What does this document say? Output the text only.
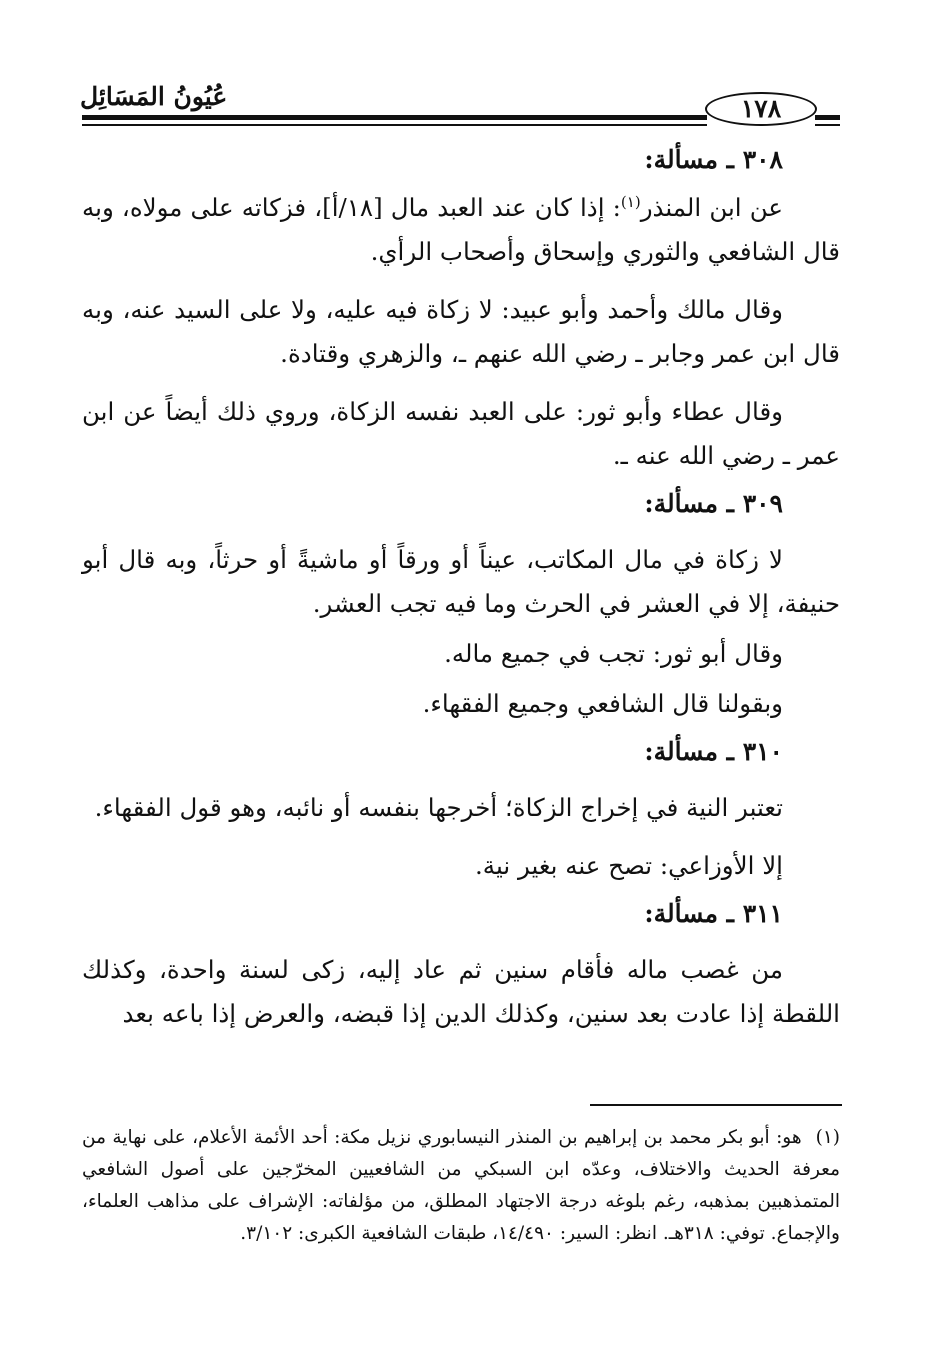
عُيُونُ المَسَائِل	١٧٨
٣٠٨ ـ مسألة:

عن ابن المنذر$^{(١)}$: إذا كان عند العبد مال [١٨/أ]، فزكاته على مولاه، وبه قال الشافعي والثوري وإسحاق وأصحاب الرأي.

وقال مالك وأحمد وأبو عبيد: لا زكاة فيه عليه، ولا على السيد عنه، وبه قال ابن عمر وجابر ـ رضي الله عنهم ـ، والزهري وقتادة.

وقال عطاء وأبو ثور: على العبد نفسه الزكاة، وروي ذلك أيضاً عن ابن عمر ـ رضي الله عنه ـ.

٣٠٩ ـ مسألة:

لا زكاة في مال المكاتب، عيناً أو ورقاً أو ماشيةً أو حرثاً، وبه قال أبو حنيفة، إلا في العشر في الحرث وما فيه تجب العشر.

وقال أبو ثور: تجب في جميع ماله.

وبقولنا قال الشافعي وجميع الفقهاء.

٣١٠ ـ مسألة:

تعتبر النية في إخراج الزكاة؛ أخرجها بنفسه أو نائبه، وهو قول الفقهاء.

إلا الأوزاعي: تصح عنه بغير نية.

٣١١ ـ مسألة:

من غصب ماله فأقام سنين ثم عاد إليه، زكى لسنة واحدة، وكذلك اللقطة إذا عادت بعد سنين، وكذلك الدين إذا قبضه، والعرض إذا باعه بعد

(١)هو: أبو بكر محمد بن إبراهيم بن المنذر النيسابوري نزيل مكة: أحد الأئمة الأعلام، على نهاية من معرفة الحديث والاختلاف، وعدّه ابن السبكي من الشافعيين المخرّجين على أصول الشافعي المتمذهبين بمذهبه، رغم بلوغه درجة الاجتهاد المطلق، من مؤلفاته: الإشراف على مذاهب العلماء، والإجماع. توفي: ٣١٨هـ. انظر: السير: ١٤/٤٩٠، طبقات الشافعية الكبرى: ٣/١٠٢.
